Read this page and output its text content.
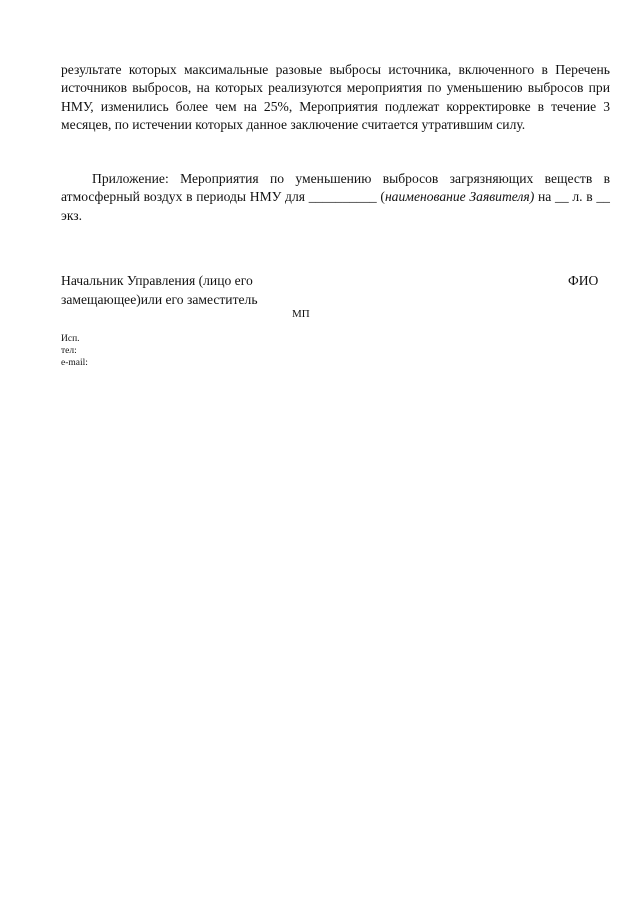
результате которых максимальные разовые выбросы источника, включенного в Перечень источников выбросов, на которых реализуются мероприятия по уменьшению выбросов при НМУ, изменились более чем на 25%, Мероприятия подлежат корректировке в течение 3 месяцев, по истечении которых данное заключение считается утратившим силу.

Приложение: Мероприятия по уменьшению выбросов загрязняющих веществ в атмосферный воздух в периоды НМУ для __________ (наименование Заявителя) на __ л. в __ экз.

Начальник Управления (лицо его
замещающее)или его заместитель
ФИО
МП
Исп.
тел:
e-mail:
